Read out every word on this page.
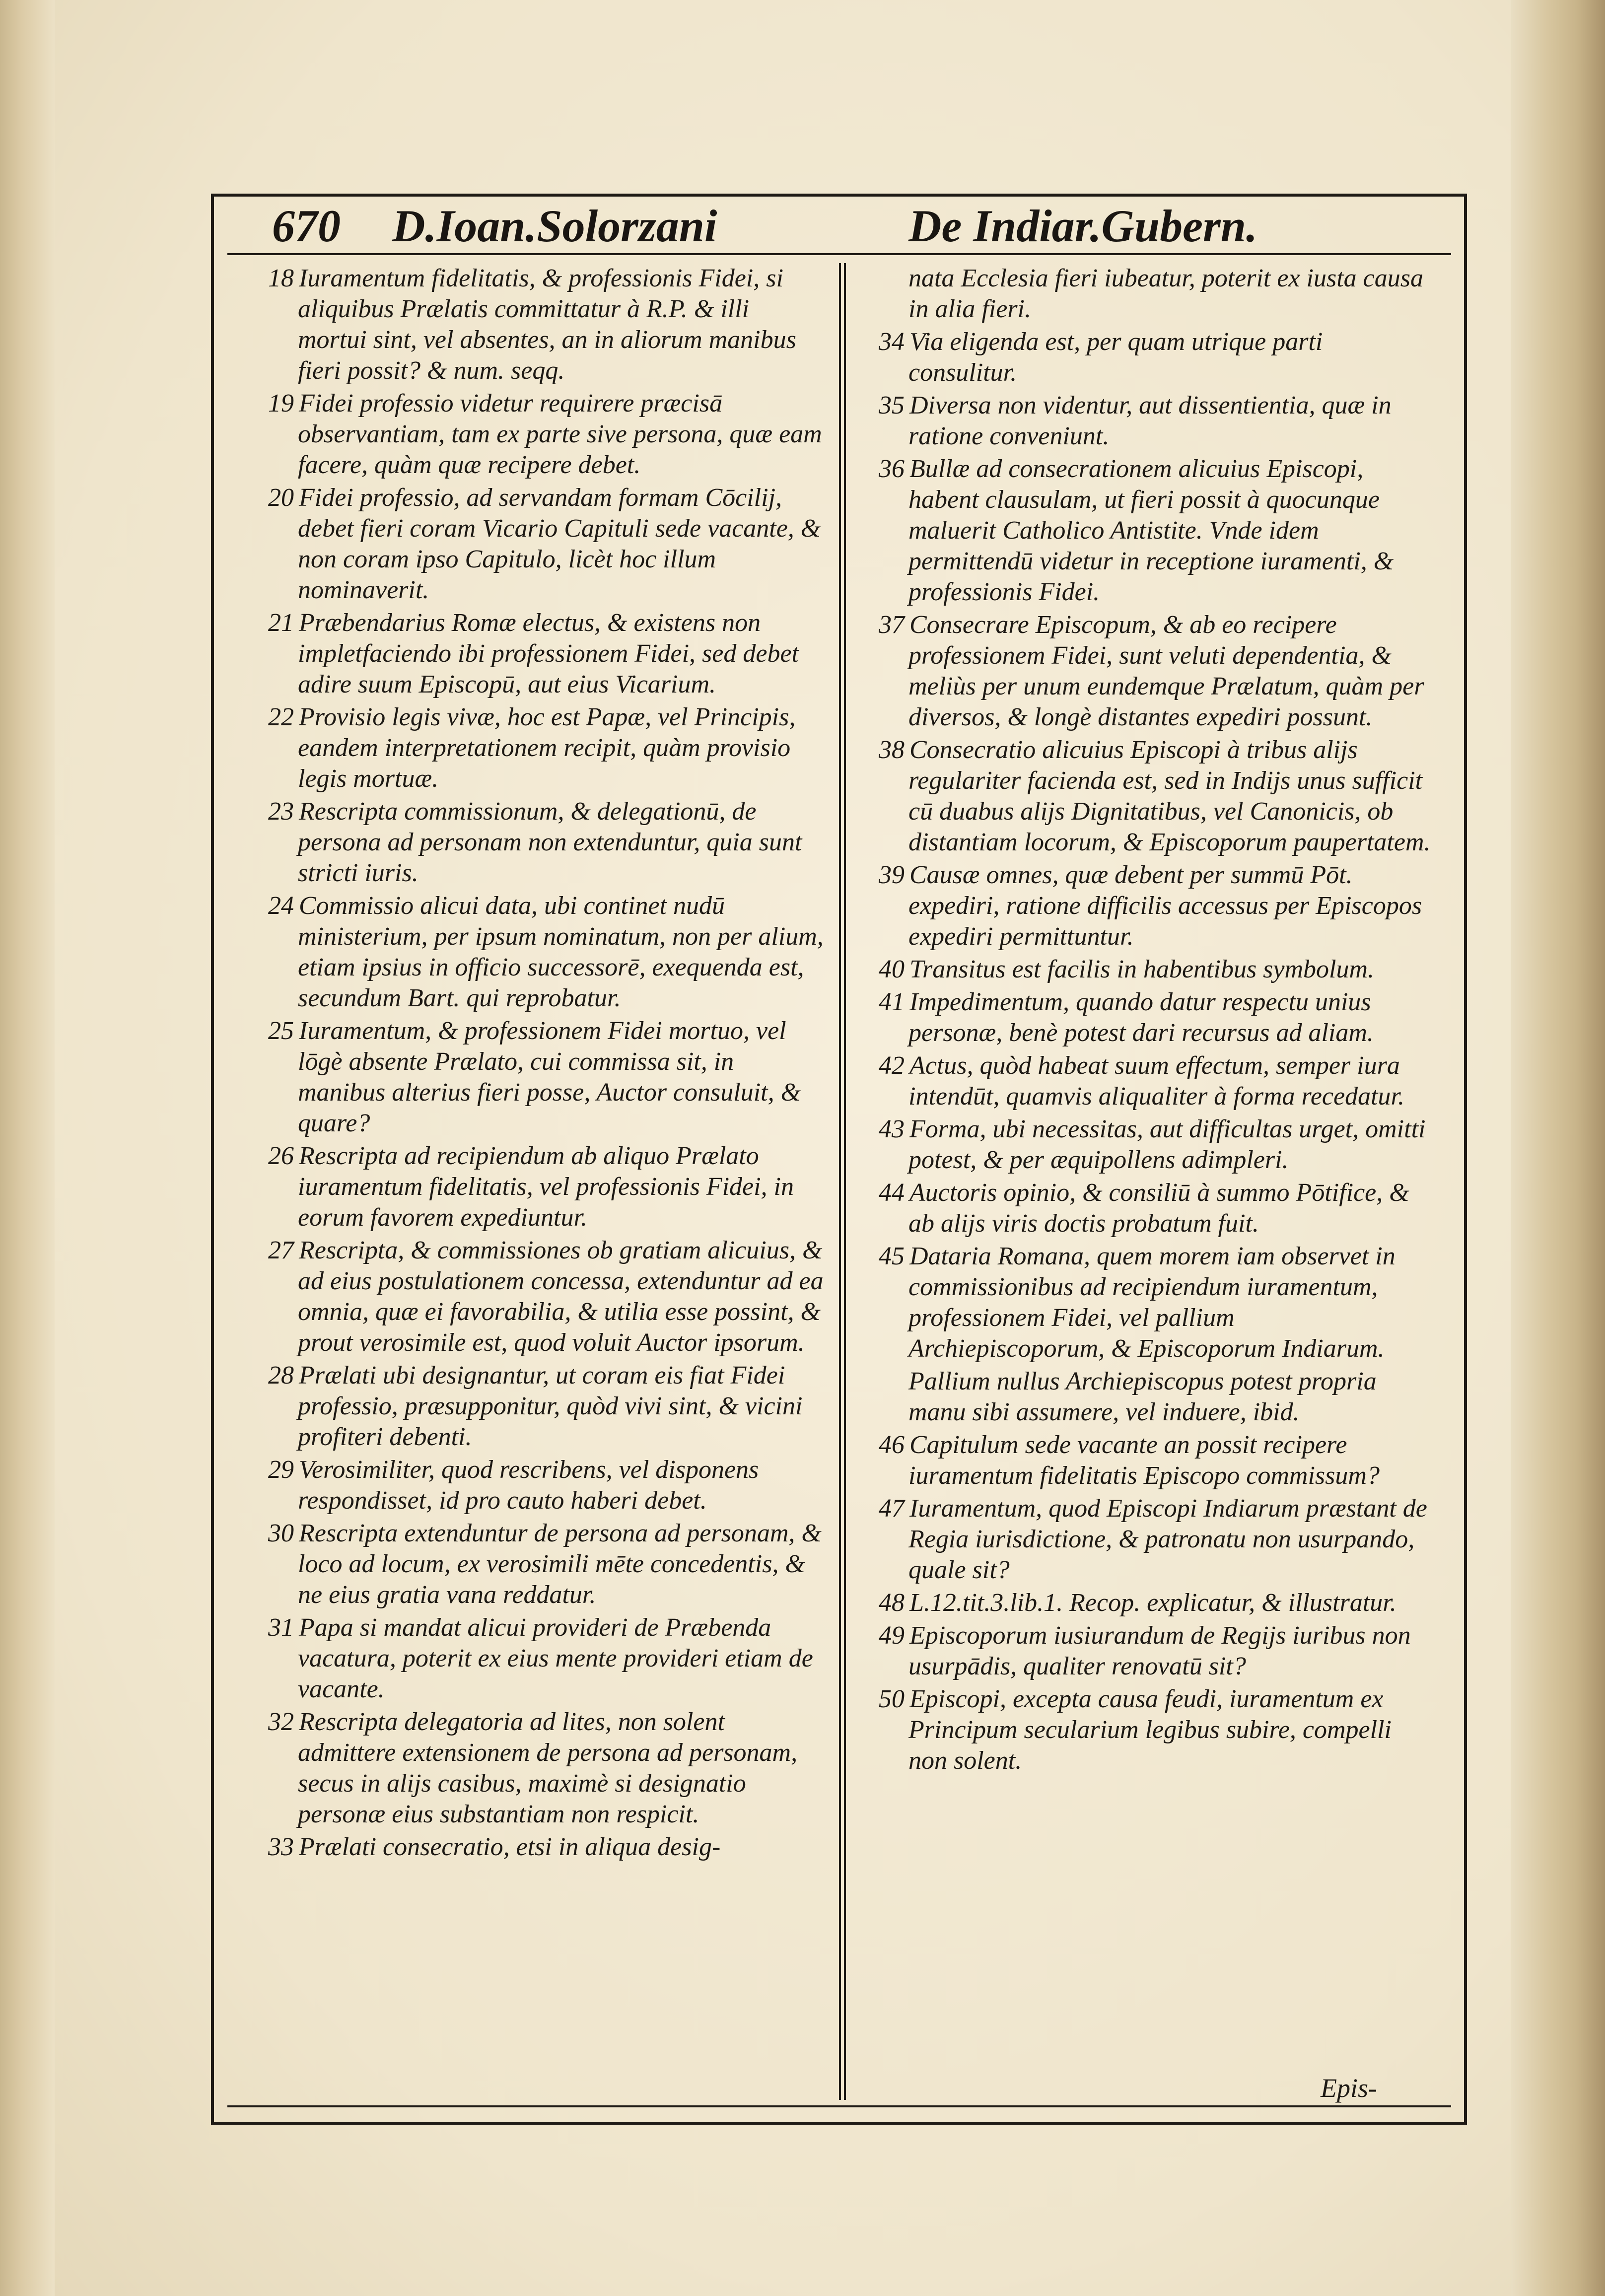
670 D.Ioan.Solorzani	De Indiar.Gubern.

18 Iuramentum fidelitatis, & professionis Fidei, si aliquibus Prælatis committatur à R.P. & illi mortui sint, vel absentes, an in aliorum manibus fieri possit? & num. seqq.

19 Fidei professio videtur requirere præcisā observantiam, tam ex parte sive persona, quæ eam facere, quàm quæ recipere debet.

20 Fidei professio, ad servandam formam Cōcilij, debet fieri coram Vicario Capituli sede vacante, & non coram ipso Capitulo, licèt hoc illum nominaverit.

21 Præbendarius Romæ electus, & existens non impletfaciendo ibi professionem Fidei, sed debet adire suum Episcopū, aut eius Vicarium.

22 Provisio legis vivæ, hoc est Papæ, vel Principis, eandem interpretationem recipit, quàm provisio legis mortuæ.

23 Rescripta commissionum, & delegationū, de persona ad personam non extenduntur, quia sunt stricti iuris.

24 Commissio alicui data, ubi continet nudū ministerium, per ipsum nominatum, non per alium, etiam ipsius in officio successorē, exequenda est, secundum Bart. qui reprobatur.

25 Iuramentum, & professionem Fidei mortuo, vel lōgè absente Prælato, cui commissa sit, in manibus alterius fieri posse, Auctor consuluit, & quare?

26 Rescripta ad recipiendum ab aliquo Prælato iuramentum fidelitatis, vel professionis Fidei, in eorum favorem expediuntur.

27 Rescripta, & commissiones ob gratiam alicuius, & ad eius postulationem concessa, extenduntur ad ea omnia, quæ ei favorabilia, & utilia esse possint, & prout verosimile est, quod voluit Auctor ipsorum.

28 Prælati ubi designantur, ut coram eis fiat Fidei professio, præsupponitur, quòd vivi sint, & vicini profiteri debenti.

29 Verosimiliter, quod rescribens, vel disponens respondisset, id pro cauto haberi debet.

30 Rescripta extenduntur de persona ad personam, & loco ad locum, ex verosimili mēte concedentis, & ne eius gratia vana reddatur.

31 Papa si mandat alicui provideri de Præbenda vacatura, poterit ex eius mente provideri etiam de vacante.

32 Rescripta delegatoria ad lites, non solent admittere extensionem de persona ad personam, secus in alijs casibus, maximè si designatio personæ eius substantiam non respicit.

33 Prælati consecratio, etsi in aliqua desig-

nata Ecclesia fieri iubeatur, poterit ex iusta causa in alia fieri.

34 Via eligenda est, per quam utrique parti consulitur.

35 Diversa non videntur, aut dissentientia, quæ in ratione conveniunt.

36 Bullæ ad consecrationem alicuius Episcopi, habent clausulam, ut fieri possit à quocunque maluerit Catholico Antistite. Vnde idem permittendū videtur in receptione iuramenti, & professionis Fidei.

37 Consecrare Episcopum, & ab eo recipere professionem Fidei, sunt veluti dependentia, & meliùs per unum eundemque Prælatum, quàm per diversos, & longè distantes expediri possunt.

38 Consecratio alicuius Episcopi à tribus alijs regulariter facienda est, sed in Indijs unus sufficit cū duabus alijs Dignitatibus, vel Canonicis, ob distantiam locorum, & Episcoporum paupertatem.

39 Causæ omnes, quæ debent per summū Pōt. expediri, ratione difficilis accessus per Episcopos expediri permittuntur.

40 Transitus est facilis in habentibus symbolum.

41 Impedimentum, quando datur respectu unius personæ, benè potest dari recursus ad aliam.

42 Actus, quòd habeat suum effectum, semper iura intendūt, quamvis aliqualiter à forma recedatur.

43 Forma, ubi necessitas, aut difficultas urget, omitti potest, & per æquipollens adimpleri.

44 Auctoris opinio, & consiliū à summo Pōtifice, & ab alijs viris doctis probatum fuit.

45 Dataria Romana, quem morem iam observet in commissionibus ad recipiendum iuramentum, professionem Fidei, vel pallium Archiepiscoporum, & Episcoporum Indiarum.

Pallium nullus Archiepiscopus potest propria manu sibi assumere, vel induere, ibid.

46 Capitulum sede vacante an possit recipere iuramentum fidelitatis Episcopo commissum?

47 Iuramentum, quod Episcopi Indiarum præstant de Regia iurisdictione, & patronatu non usurpando, quale sit?

48 L.12.tit.3.lib.1. Recop. explicatur, & illustratur.

49 Episcoporum iusiurandum de Regijs iuribus non usurpādis, qualiter renovatū sit?

50 Episcopi, excepta causa feudi, iuramentum ex Principum secularium legibus subire, compelli non solent.

Epis-
